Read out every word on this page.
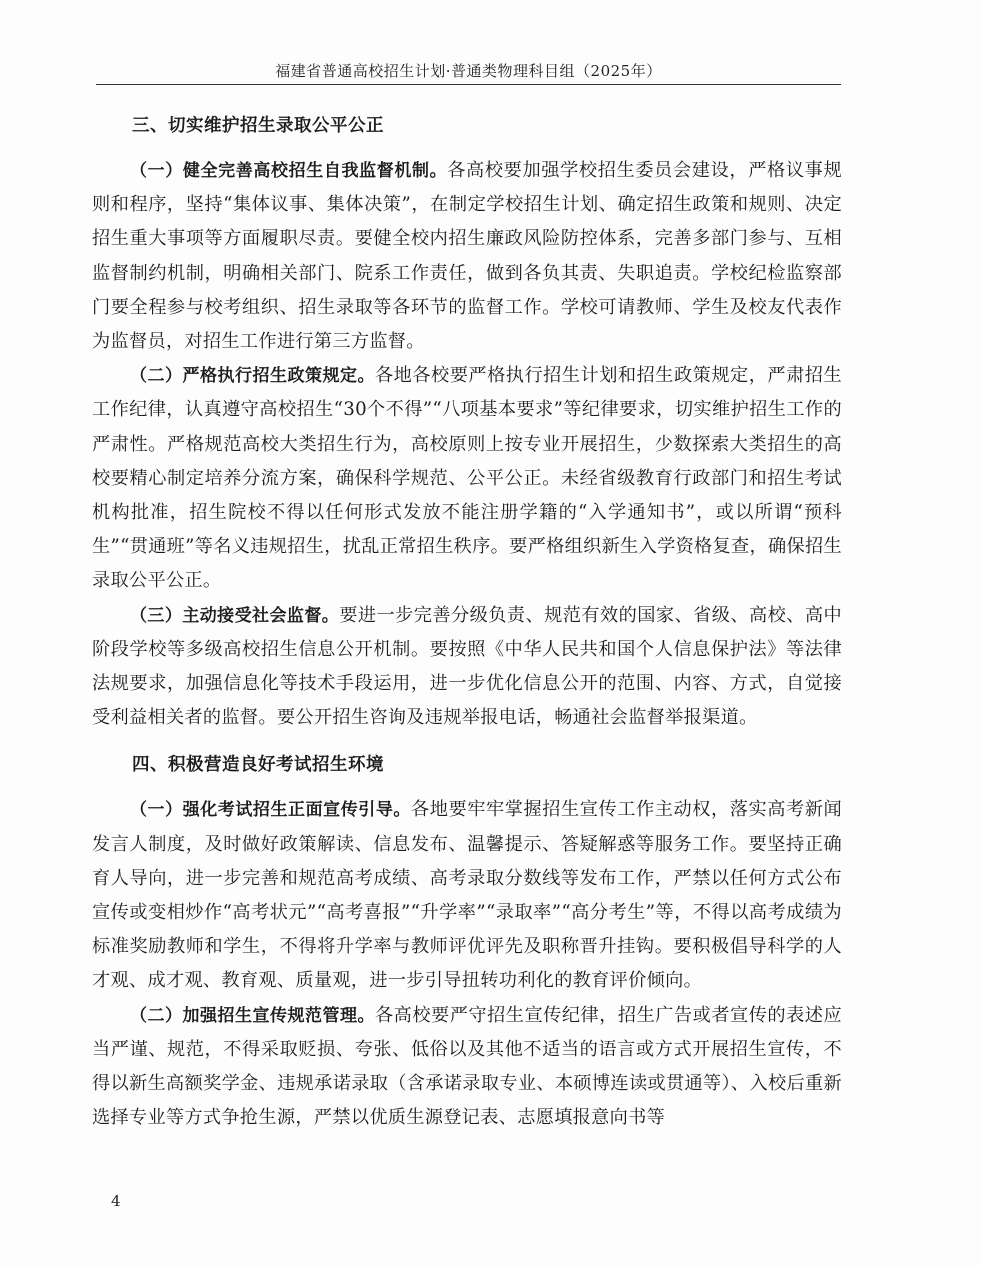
福建省普通高校招生计划·普通类物理科目组（2025年）
三、切实维护招生录取公平公正

（一）健全完善高校招生自我监督机制。各高校要加强学校招生委员会建设，严格议事规则和程序，坚持“集体议事、集体决策”，在制定学校招生计划、确定招生政策和规则、决定招生重大事项等方面履职尽责。要健全校内招生廉政风险防控体系，完善多部门参与、互相监督制约机制，明确相关部门、院系工作责任，做到各负其责、失职追责。学校纪检监察部门要全程参与校考组织、招生录取等各环节的监督工作。学校可请教师、学生及校友代表作为监督员，对招生工作进行第三方监督。

（二）严格执行招生政策规定。各地各校要严格执行招生计划和招生政策规定，严肃招生工作纪律，认真遵守高校招生“30个不得”“八项基本要求”等纪律要求，切实维护招生工作的严肃性。严格规范高校大类招生行为，高校原则上按专业开展招生，少数探索大类招生的高校要精心制定培养分流方案，确保科学规范、公平公正。未经省级教育行政部门和招生考试机构批准，招生院校不得以任何形式发放不能注册学籍的“入学通知书”，或以所谓“预科生”“贯通班”等名义违规招生，扰乱正常招生秩序。要严格组织新生入学资格复查，确保招生录取公平公正。

（三）主动接受社会监督。要进一步完善分级负责、规范有效的国家、省级、高校、高中阶段学校等多级高校招生信息公开机制。要按照《中华人民共和国个人信息保护法》等法律法规要求，加强信息化等技术手段运用，进一步优化信息公开的范围、内容、方式，自觉接受利益相关者的监督。要公开招生咨询及违规举报电话，畅通社会监督举报渠道。

四、积极营造良好考试招生环境

（一）强化考试招生正面宣传引导。各地要牢牢掌握招生宣传工作主动权，落实高考新闻发言人制度，及时做好政策解读、信息发布、温馨提示、答疑解惑等服务工作。要坚持正确育人导向，进一步完善和规范高考成绩、高考录取分数线等发布工作，严禁以任何方式公布宣传或变相炒作“高考状元”“高考喜报”“升学率”“录取率”“高分考生”等，不得以高考成绩为标准奖励教师和学生，不得将升学率与教师评优评先及职称晋升挂钩。要积极倡导科学的人才观、成才观、教育观、质量观，进一步引导扭转功利化的教育评价倾向。

（二）加强招生宣传规范管理。各高校要严守招生宣传纪律，招生广告或者宣传的表述应当严谨、规范，不得采取贬损、夸张、低俗以及其他不适当的语言或方式开展招生宣传，不得以新生高额奖学金、违规承诺录取（含承诺录取专业、本硕博连读或贯通等）、入校后重新选择专业等方式争抢生源，严禁以优质生源登记表、志愿填报意向书等

4
